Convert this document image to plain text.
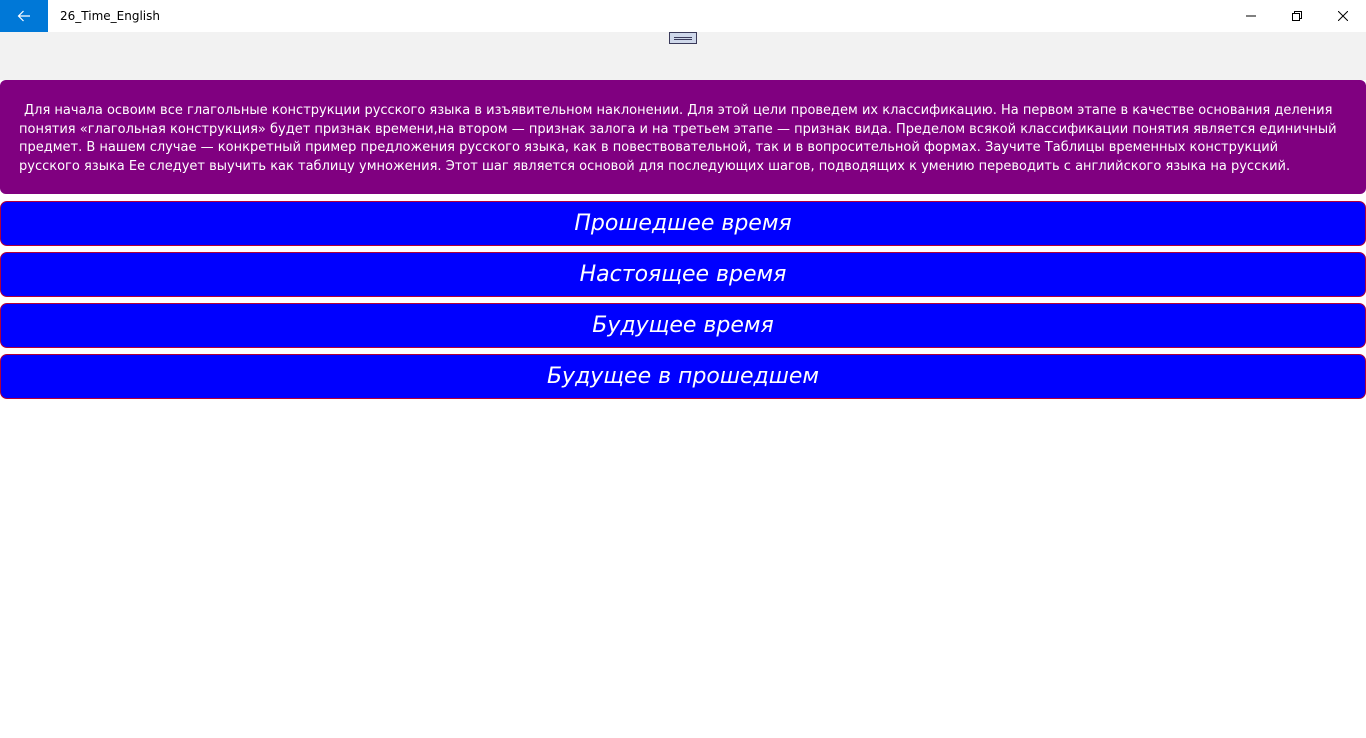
26_Time_English

Для начала освоим все глагольные конструкции русского языка в изъявительном наклонении. Для этой цели проведем их классификацию. На первом этапе в качестве основания деления понятия «глагольная конструкция» будет признак времени,на втором — признак залога и на третьем этапе — признак вида. Пределом всякой классификации понятия является единичный предмет. В нашем случае — конкретный пример предложения русского языка, как в повествовательной, так и в вопросительной формах. Заучите Таблицы временных конструкций русского языка Ее следует выучить как таблицу умножения. Этот шаг является основой для последующих шагов, подводящих к умению переводить с английского языка на русский.

Прошедшее время
Настоящее время
Будущее время
Будущее в прошедшем
